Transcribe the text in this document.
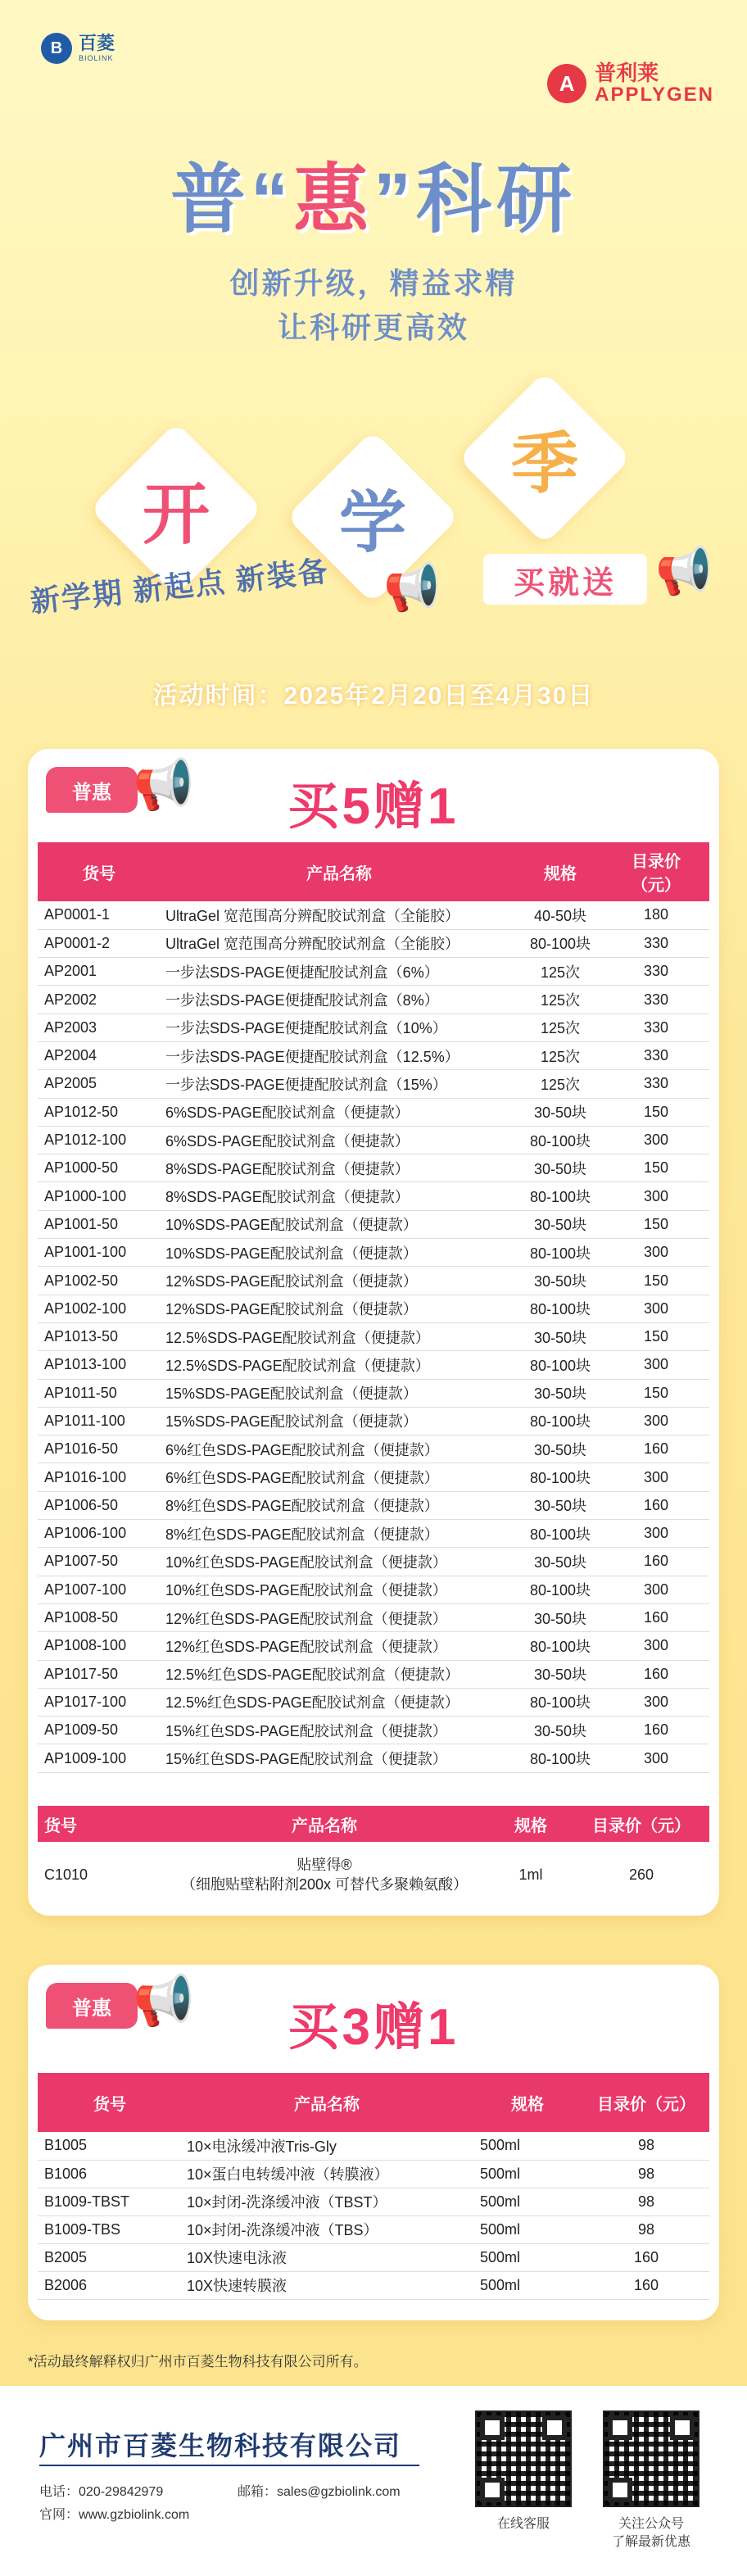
B 百菱
BIOLINK
A 普利莱
APPLYGEN
普“惠”科研
创新升级，精益求精
让科研更高效
开	学
季
新学期 新起点 新装备 📢	买就送 📢
活动时间：2025年2月20日至4月30日
普惠 📢	买5赠1
货号	产品名称	规格	目录价
（元）
AP0001-1	UltraGel 宽范围高分辨配胶试剂盒（全能胶）	40-50块	180
AP0001-2	UltraGel 宽范围高分辨配胶试剂盒（全能胶）	80-100块	330
AP2001	一步法SDS-PAGE便捷配胶试剂盒（6%）	125次	330
AP2002	一步法SDS-PAGE便捷配胶试剂盒（8%）	125次	330
AP2003	一步法SDS-PAGE便捷配胶试剂盒（10%）	125次	330
AP2004	一步法SDS-PAGE便捷配胶试剂盒（12.5%）	125次	330
AP2005	一步法SDS-PAGE便捷配胶试剂盒（15%）	125次	330
AP1012-50	6%SDS-PAGE配胶试剂盒（便捷款）	30-50块	150
AP1012-100	6%SDS-PAGE配胶试剂盒（便捷款）	80-100块	300
AP1000-50	8%SDS-PAGE配胶试剂盒（便捷款）	30-50块	150
AP1000-100	8%SDS-PAGE配胶试剂盒（便捷款）	80-100块	300
AP1001-50	10%SDS-PAGE配胶试剂盒（便捷款）	30-50块	150
AP1001-100	10%SDS-PAGE配胶试剂盒（便捷款）	80-100块	300
AP1002-50	12%SDS-PAGE配胶试剂盒（便捷款）	30-50块	150
AP1002-100	12%SDS-PAGE配胶试剂盒（便捷款）	80-100块	300
AP1013-50	12.5%SDS-PAGE配胶试剂盒（便捷款）	30-50块	150
AP1013-100	12.5%SDS-PAGE配胶试剂盒（便捷款）	80-100块	300
AP1011-50	15%SDS-PAGE配胶试剂盒（便捷款）	30-50块	150
AP1011-100	15%SDS-PAGE配胶试剂盒（便捷款）	80-100块	300
AP1016-50	6%红色SDS-PAGE配胶试剂盒（便捷款）	30-50块	160
AP1016-100	6%红色SDS-PAGE配胶试剂盒（便捷款）	80-100块	300
AP1006-50	8%红色SDS-PAGE配胶试剂盒（便捷款）	30-50块	160
AP1006-100	8%红色SDS-PAGE配胶试剂盒（便捷款）	80-100块	300
AP1007-50	10%红色SDS-PAGE配胶试剂盒（便捷款）	30-50块	160
AP1007-100	10%红色SDS-PAGE配胶试剂盒（便捷款）	80-100块	300
AP1008-50	12%红色SDS-PAGE配胶试剂盒（便捷款）	30-50块	160
AP1008-100	12%红色SDS-PAGE配胶试剂盒（便捷款）	80-100块	300
AP1017-50	12.5%红色SDS-PAGE配胶试剂盒（便捷款）	30-50块	160
AP1017-100	12.5%红色SDS-PAGE配胶试剂盒（便捷款）	80-100块	300
AP1009-50	15%红色SDS-PAGE配胶试剂盒（便捷款）	30-50块	160
AP1009-100	15%红色SDS-PAGE配胶试剂盒（便捷款）	80-100块	300
货号	产品名称	规格	目录价（元）
C1010	贴壁得®
（细胞贴壁粘附剂200x 可替代多聚赖氨酸）	1ml	260
普惠 📢	买3赠1
货号	产品名称	规格	目录价（元）
B1005	10×电泳缓冲液Tris-Gly	500ml	98
B1006	10×蛋白电转缓冲液（转膜液）	500ml	98
B1009-TBST	10×封闭-洗涤缓冲液（TBST）	500ml	98
B1009-TBS	10×封闭-洗涤缓冲液（TBS）	500ml	98
B2005	10X快速电泳液	500ml	160
B2006	10X快速转膜液	500ml	160
*活动最终解释权归广州市百菱生物科技有限公司所有。
广州市百菱生物科技有限公司
电话：020-29842979	邮箱：sales@gzbiolink.com
官网：www.gzbiolink.com
在线客服	关注公众号
了解最新优惠
